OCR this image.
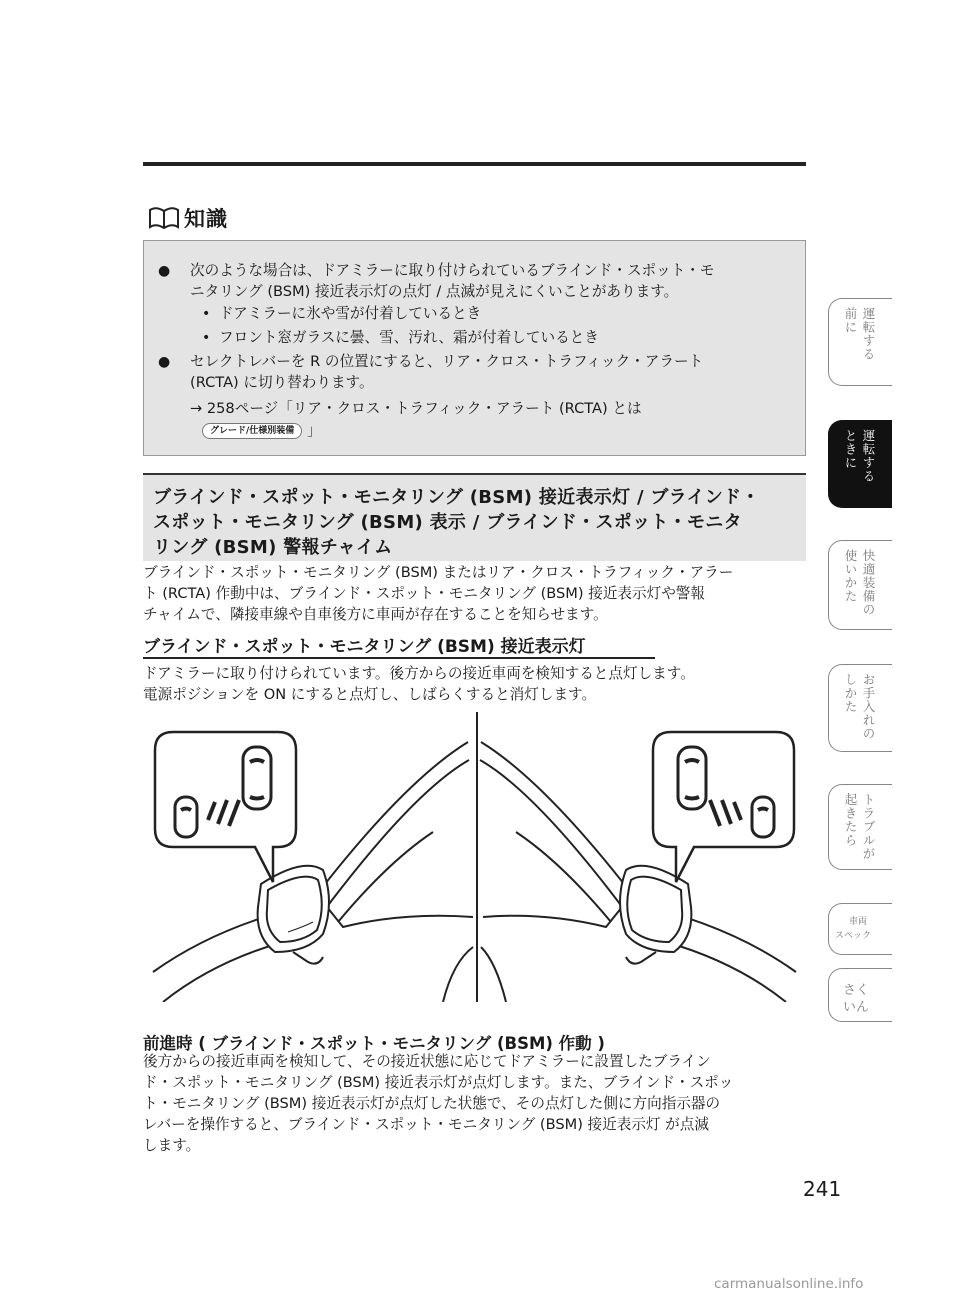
知識
● 次のような場合は、ドアミラーに取り付けられているブラインド・スポット・モ
ニタリング (BSM) 接近表示灯の点灯 / 点滅が見えにくいことがあります。
• ドアミラーに氷や雪が付着しているとき
• フロント窓ガラスに曇、雪、汚れ、霜が付着しているとき
● セレクトレバーを R の位置にすると、リア・クロス・トラフィック・アラート
(RCTA) に切り替わります。
→ 258ページ「リア・クロス・トラフィック・アラート (RCTA) とは
グレード/仕様別装備 」
ブラインド・スポット・モニタリング (BSM) 接近表示灯 / ブラインド・
スポット・モニタリング (BSM) 表示 / ブラインド・スポット・モニタ
リング (BSM) 警報チャイム
ブラインド・スポット・モニタリング (BSM) またはリア・クロス・トラフィック・アラー
ト (RCTA) 作動中は、ブラインド・スポット・モニタリング (BSM) 接近表示灯や警報
チャイムで、隣接車線や自車後方に車両が存在することを知らせます。
ブラインド・スポット・モニタリング (BSM) 接近表示灯
ドアミラーに取り付けられています。後方からの接近車両を検知すると点灯します。
電源ポジションを ON にすると点灯し、しばらくすると消灯します。
前進時 ( ブラインド・スポット・モニタリング (BSM) 作動 )
後方からの接近車両を検知して、その接近状態に応じてドアミラーに設置したブライン
ド・スポット・モニタリング (BSM) 接近表示灯が点灯します。また、ブラインド・スポッ
ト・モニタリング (BSM) 接近表示灯が点灯した状態で、その点灯した側に方向指示器の
レバーを操作すると、ブラインド・スポット・モニタリング (BSM) 接近表示灯 が点滅
します。
運転する
前に
運転する
ときに
快適装備の
使いかた
お手入れの
しかた
トラブルが
起きたら
車両
スペック
さく
いん
241
carmanualsonline.info
